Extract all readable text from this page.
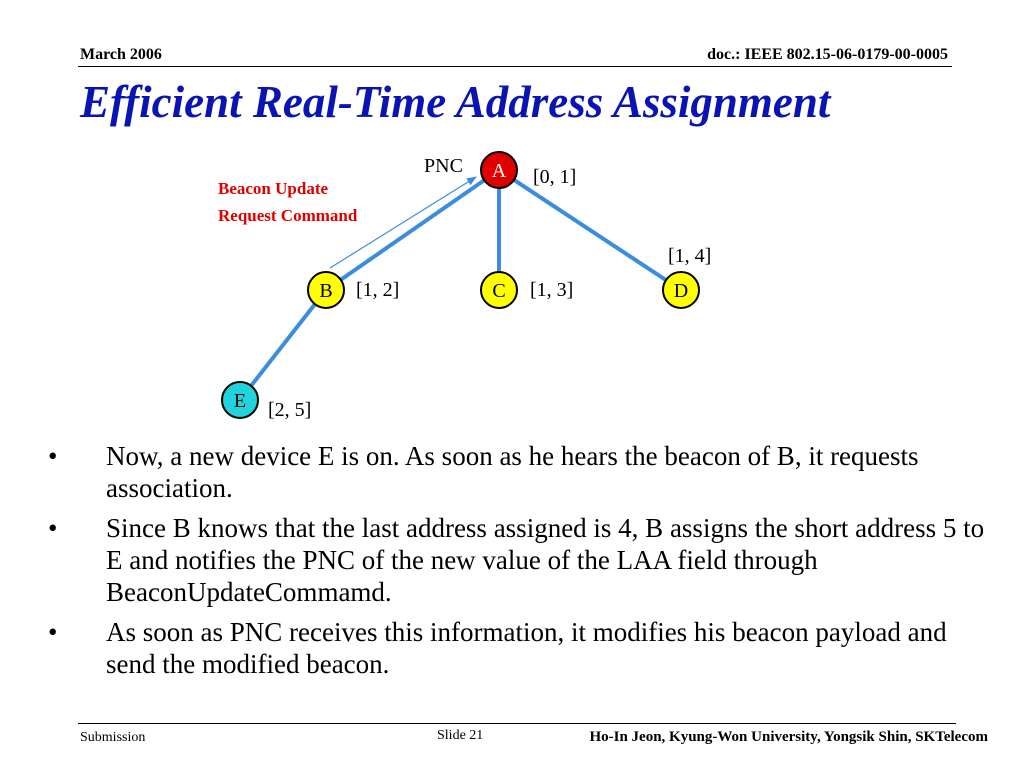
March 2006	doc.: IEEE 802.15-06-0179-00-0005
Efficient Real-Time Address Assignment
PNC
Beacon Update
Request Command
A [0, 1]
B [1, 2]	C [1, 3]	D
[1, 4]
E [2, 5]
• Now, a new device E is on. As soon as he hears the beacon of B, it requests association.
• Since B knows that the last address assigned is 4, B assigns the short address 5 to E and notifies the PNC of the new value of the LAA field through BeaconUpdateCommamd.
• As soon as PNC receives this information, it modifies his beacon payload and send the modified beacon.
Submission	Slide 21	Ho-In Jeon, Kyung-Won University, Yongsik Shin, SKTelecom
